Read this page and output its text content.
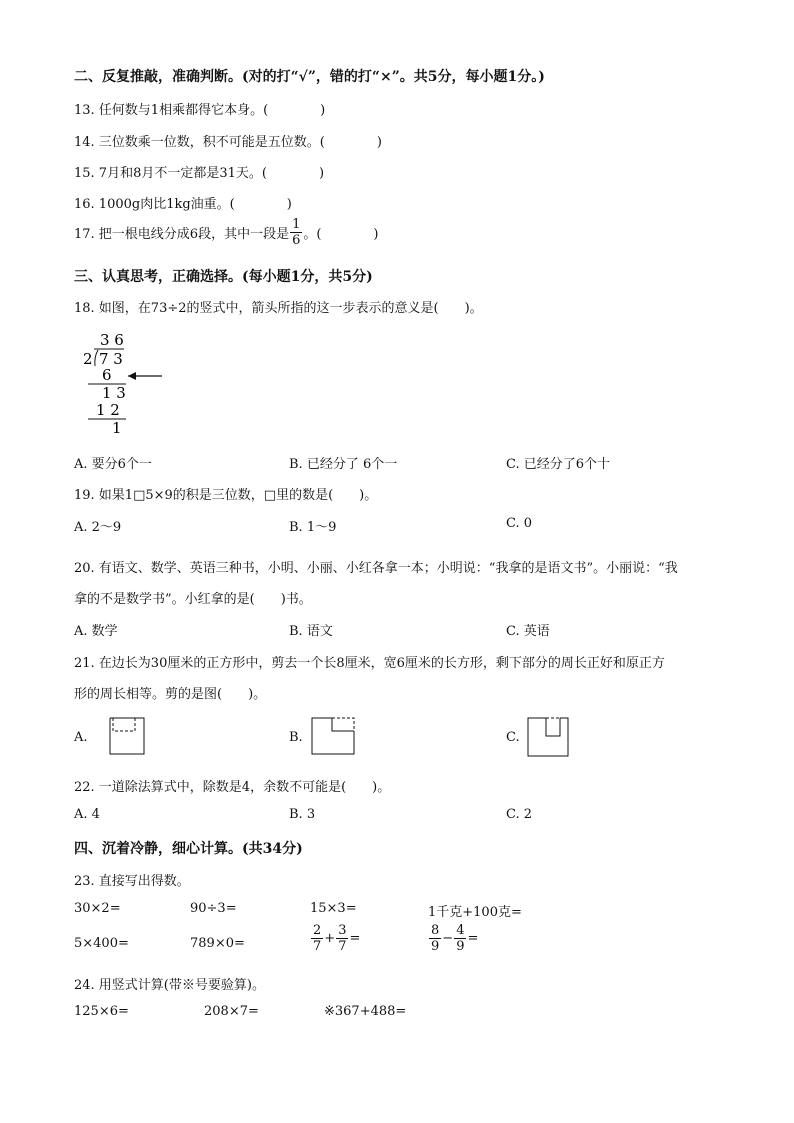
二、反复推敲，准确判断。(对的打“√”，错的打“×”。共5分，每小题1分。)
13. 任何数与1相乘都得它本身。(　　　　)
14. 三位数乘一位数，积不可能是五位数。(　　　　)
15. 7月和8月不一定都是31天。(　　　　)
16. 1000g肉比1kg油重。(　　　　)
17. 把一根电线分成6段，其中一段是 $\frac{1}{6}$ 。(　　　　)
三、认真思考，正确选择。(每小题1分，共5分)
18. 如图，在73÷2的竖式中，箭头所指的这一步表示的意义是(　　)。
3 6
2 7 3
6
1 3
1 2
1
A. 要分6个一	B. 已经分了 6个一	C. 已经分了6个十
19. 如果1□5×9的积是三位数，□里的数是(　　)。
A. 2～9	B. 1～9	C. 0
20. 有语文、数学、英语三种书，小明、小丽、小红各拿一本；小明说：“我拿的是语文书”。小丽说：“我
拿的不是数学书”。小红拿的是(　　)书。
A. 数学	B. 语文	C. 英语
21. 在边长为30厘米的正方形中，剪去一个长8厘米，宽6厘米的长方形，剩下部分的周长正好和原正方
形的周长相等。剪的是图(　　)。
A.	B.	C.
22. 一道除法算式中，除数是4，余数不可能是(　　)。
A. 4	B. 3	C. 2
四、沉着冷静，细心计算。(共34分)
23. 直接写出得数。
30×2=	90÷3=	15×3=	1千克+100克=
5×400=	789×0=	$\frac{2}{7} + \frac{3}{7}$ =	$\frac{8}{9} - \frac{4}{9}$ =
24. 用竖式计算(带※号要验算)。
125×6=	208×7=	※367+488=
